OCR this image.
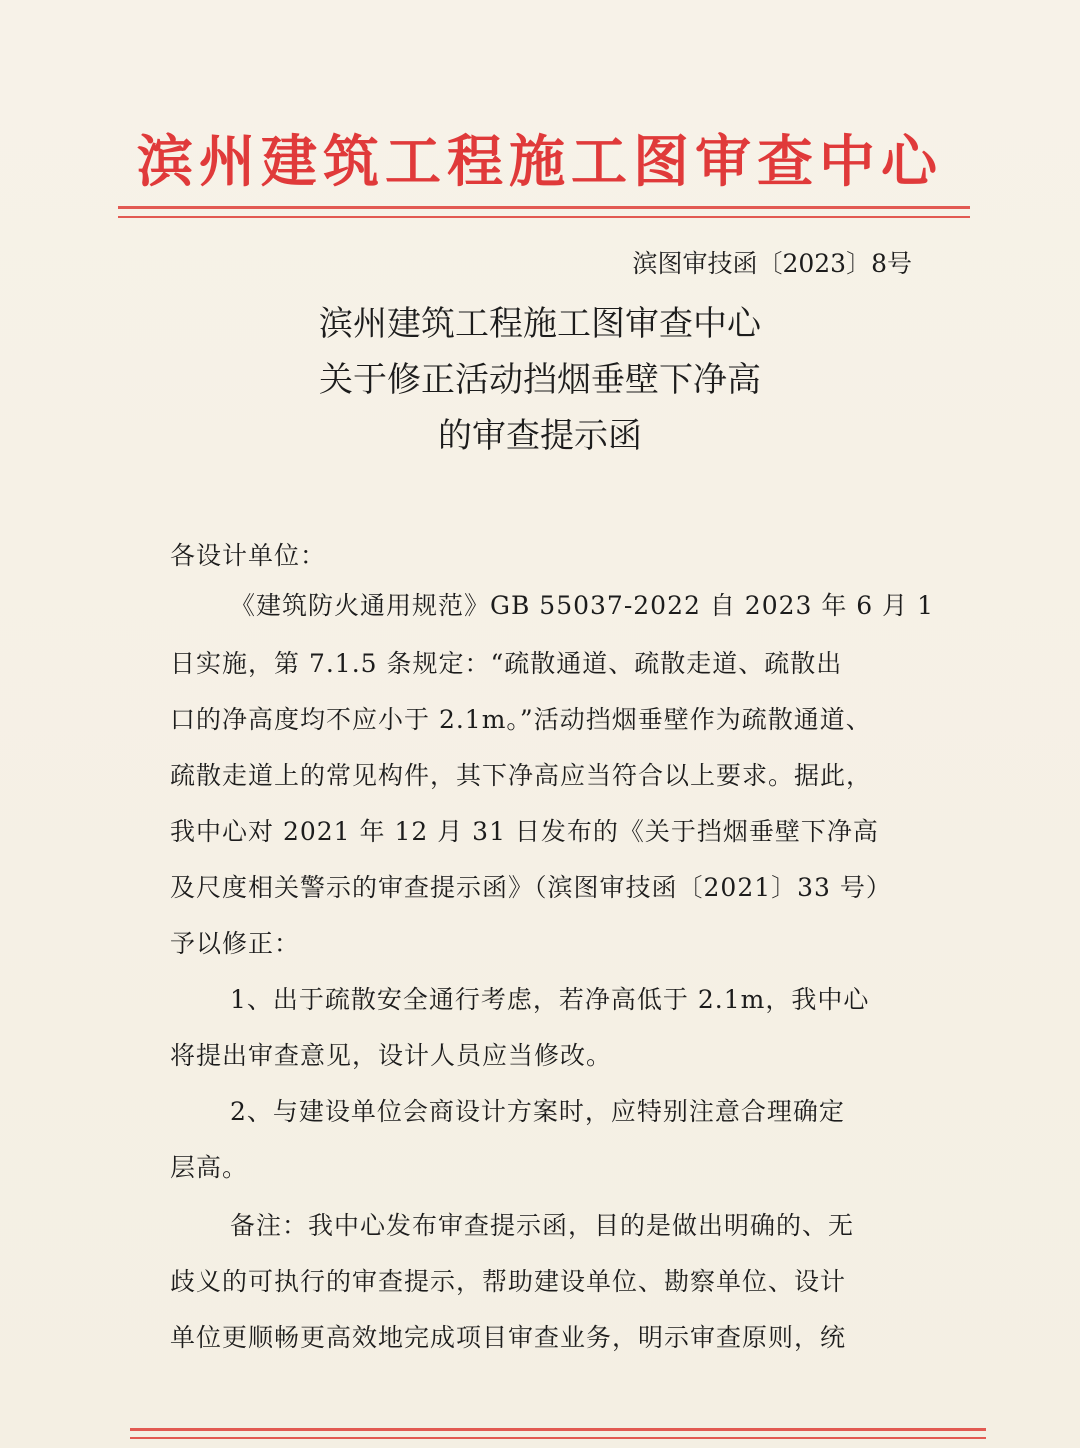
滨州建筑工程施工图审查中心
滨图审技函〔2023〕8号
滨州建筑工程施工图审查中心
关于修正活动挡烟垂壁下净高
的审查提示函
各设计单位：
《建筑防火通用规范》GB 55037-2022 自 2023 年 6 月 1
日实施，第 7.1.5 条规定：“疏散通道、疏散走道、疏散出
口的净高度均不应小于 2.1m。”活动挡烟垂壁作为疏散通道、
疏散走道上的常见构件，其下净高应当符合以上要求。据此，
我中心对 2021 年 12 月 31 日发布的《关于挡烟垂壁下净高
及尺度相关警示的审查提示函》（滨图审技函〔2021〕33 号）
予以修正：
1、出于疏散安全通行考虑，若净高低于 2.1m，我中心
将提出审查意见，设计人员应当修改。
2、与建设单位会商设计方案时，应特别注意合理确定
层高。
备注：我中心发布审查提示函，目的是做出明确的、无
歧义的可执行的审查提示，帮助建设单位、勘察单位、设计
单位更顺畅更高效地完成项目审查业务，明示审查原则，统
